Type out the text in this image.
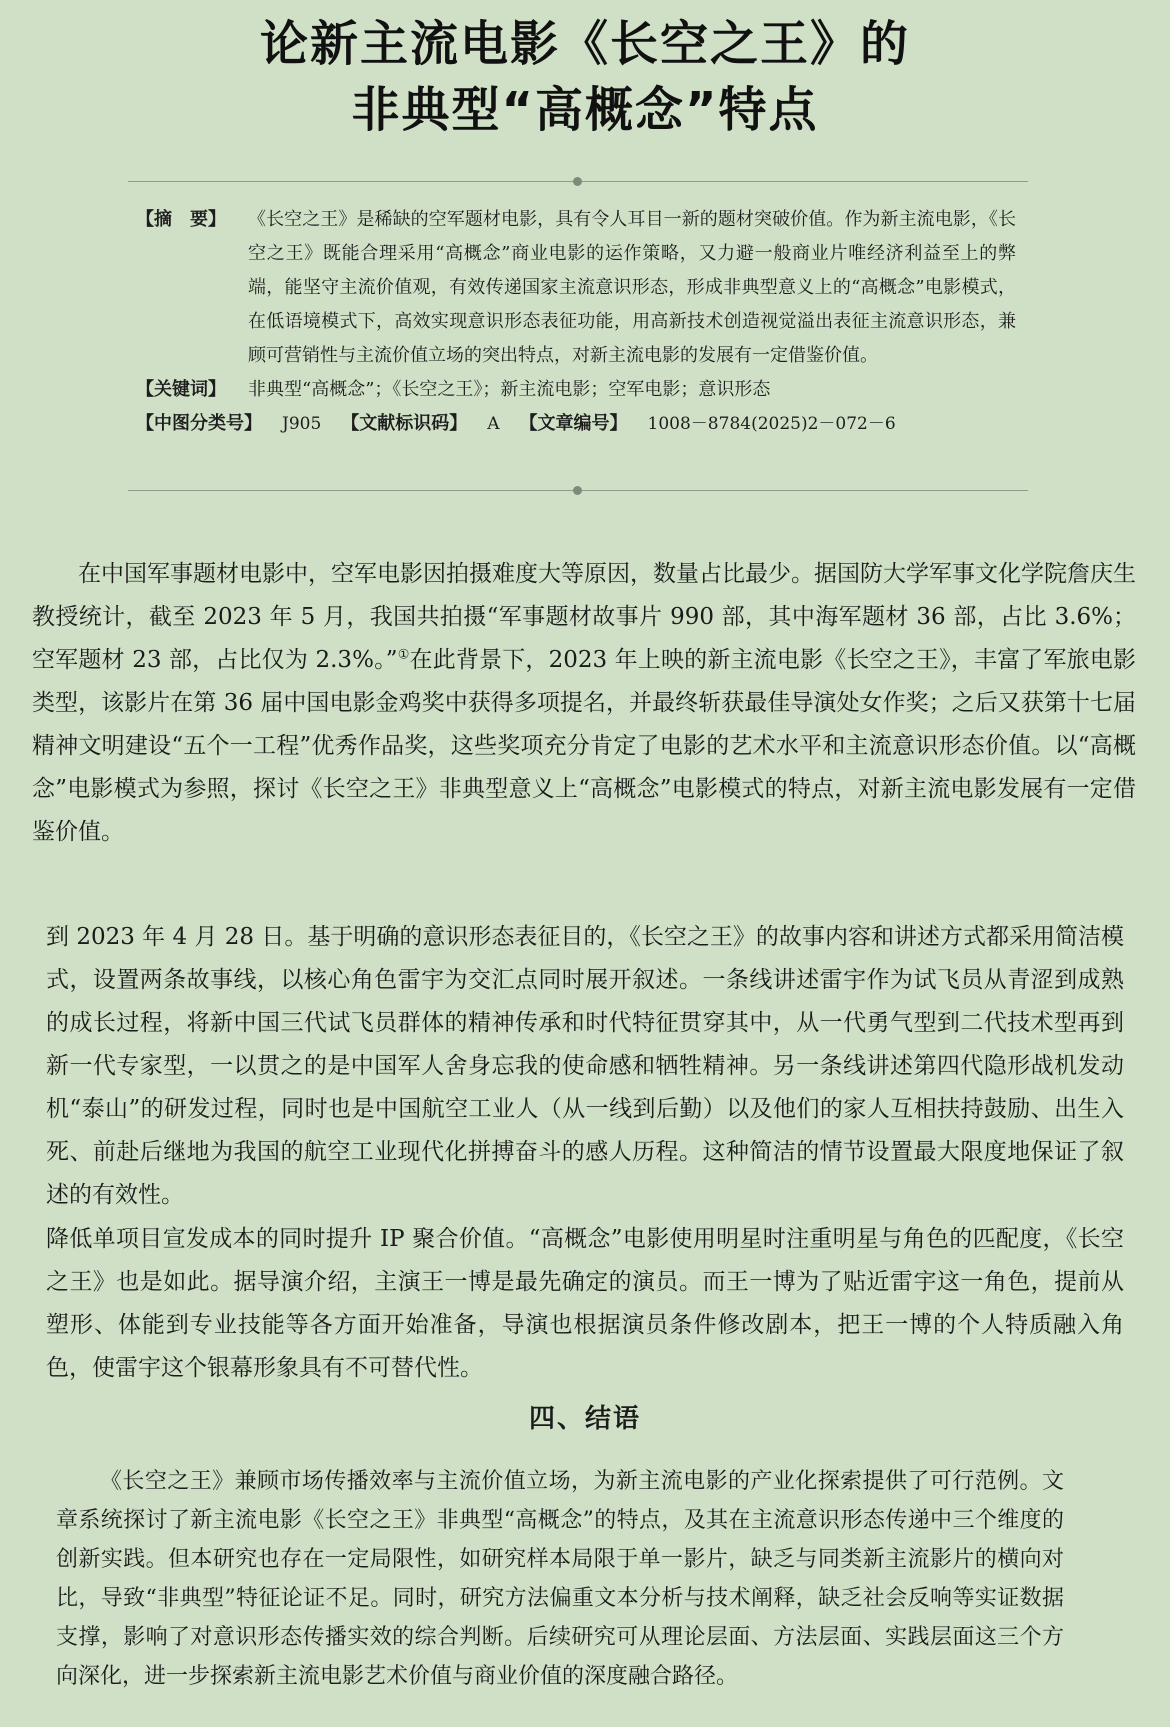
论新主流电影《长空之王》的
非典型“高概念”特点
【摘　要】	《长空之王》是稀缺的空军题材电影，具有令人耳目一新的题材突破价值。作为新主流电影，《长空之王》既能合理采用“高概念”商业电影的运作策略，又力避一般商业片唯经济利益至上的弊端，能坚守主流价值观，有效传递国家主流意识形态，形成非典型意义上的“高概念”电影模式，在低语境模式下，高效实现意识形态表征功能，用高新技术创造视觉溢出表征主流意识形态，兼顾可营销性与主流价值立场的突出特点，对新主流电影的发展有一定借鉴价值。
【关键词】	非典型“高概念”；《长空之王》；新主流电影；空军电影；意识形态
【中图分类号】 J905 【文献标识码】 A 【文章编号】 1008－8784(2025)2－072－6

在中国军事题材电影中，空军电影因拍摄难度大等原因，数量占比最少。据国防大学军事文化学院詹庆生教授统计，截至 2023 年 5 月，我国共拍摄“军事题材故事片 990 部，其中海军题材 36 部，占比 3.6%；空军题材 23 部，占比仅为 2.3%。”①在此背景下，2023 年上映的新主流电影《长空之王》，丰富了军旅电影类型，该影片在第 36 届中国电影金鸡奖中获得多项提名，并最终斩获最佳导演处女作奖；之后又获第十七届精神文明建设“五个一工程”优秀作品奖，这些奖项充分肯定了电影的艺术水平和主流意识形态价值。以“高概念”电影模式为参照，探讨《长空之王》非典型意义上“高概念”电影模式的特点，对新主流电影发展有一定借鉴价值。

到 2023 年 4 月 28 日。基于明确的意识形态表征目的，《长空之王》的故事内容和讲述方式都采用简洁模式，设置两条故事线，以核心角色雷宇为交汇点同时展开叙述。一条线讲述雷宇作为试飞员从青涩到成熟的成长过程，将新中国三代试飞员群体的精神传承和时代特征贯穿其中，从一代勇气型到二代技术型再到新一代专家型，一以贯之的是中国军人舍身忘我的使命感和牺牲精神。另一条线讲述第四代隐形战机发动机“泰山”的研发过程，同时也是中国航空工业人（从一线到后勤）以及他们的家人互相扶持鼓励、出生入死、前赴后继地为我国的航空工业现代化拼搏奋斗的感人历程。这种简洁的情节设置最大限度地保证了叙述的有效性。

降低单项目宣发成本的同时提升 IP 聚合价值。“高概念”电影使用明星时注重明星与角色的匹配度，《长空之王》也是如此。据导演介绍，主演王一博是最先确定的演员。而王一博为了贴近雷宇这一角色，提前从塑形、体能到专业技能等各方面开始准备，导演也根据演员条件修改剧本，把王一博的个人特质融入角色，使雷宇这个银幕形象具有不可替代性。

四、结语

《长空之王》兼顾市场传播效率与主流价值立场，为新主流电影的产业化探索提供了可行范例。文章系统探讨了新主流电影《长空之王》非典型“高概念”的特点，及其在主流意识形态传递中三个维度的创新实践。但本研究也存在一定局限性，如研究样本局限于单一影片，缺乏与同类新主流影片的横向对比，导致“非典型”特征论证不足。同时，研究方法偏重文本分析与技术阐释，缺乏社会反响等实证数据支撑，影响了对意识形态传播实效的综合判断。后续研究可从理论层面、方法层面、实践层面这三个方向深化，进一步探索新主流电影艺术价值与商业价值的深度融合路径。
